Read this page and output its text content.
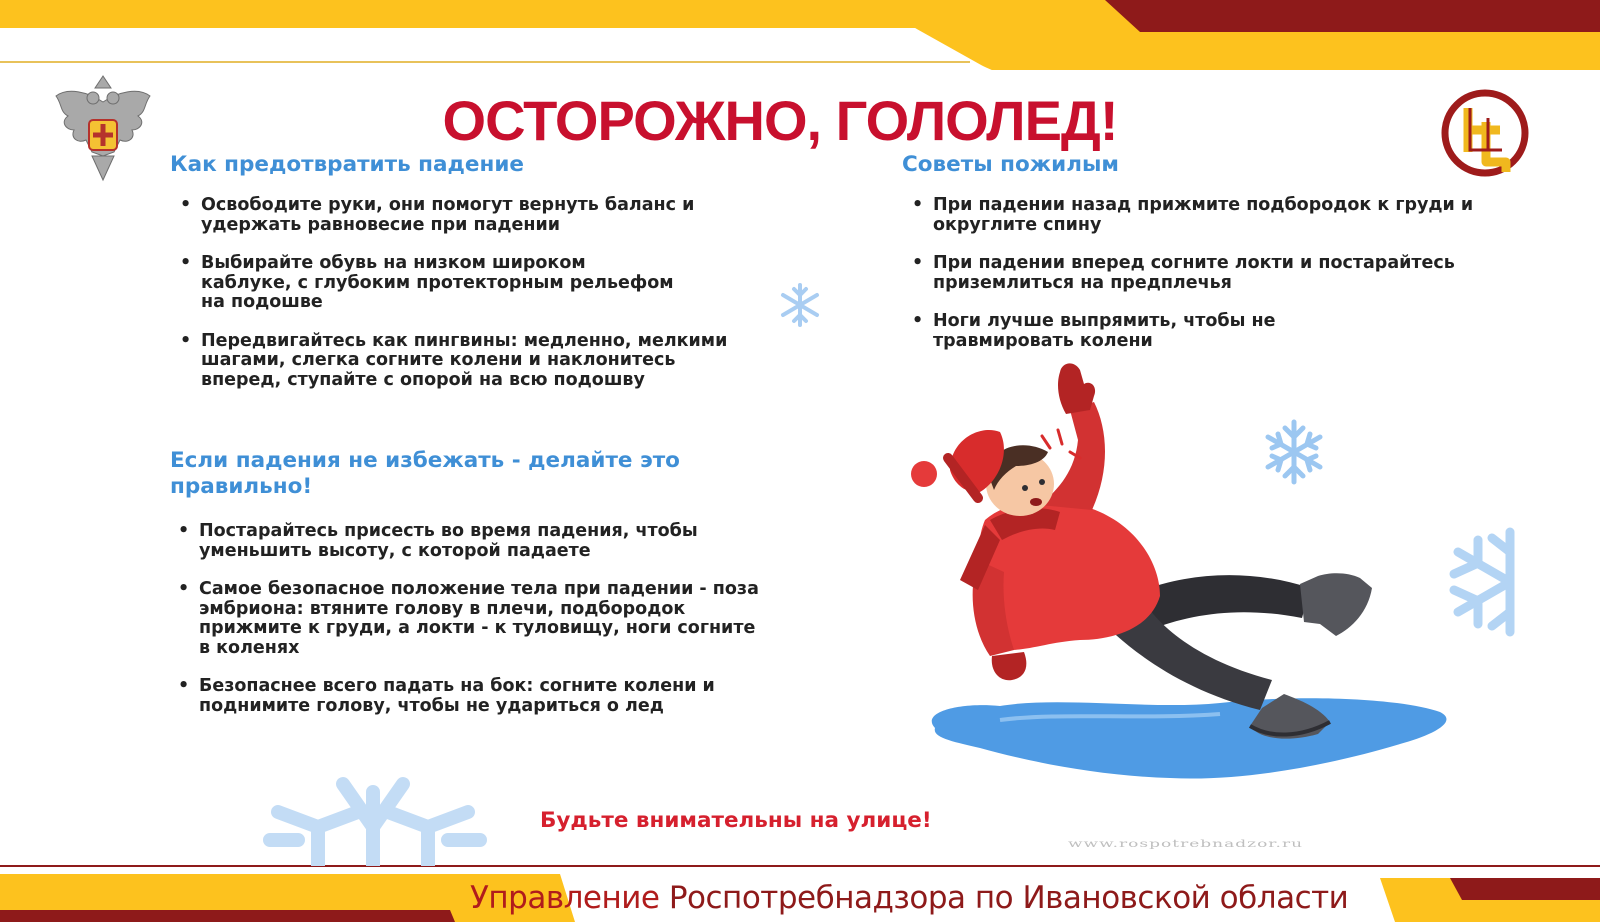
ОСТОРОЖНО, ГОЛОЛЕД!
Как предотвратить падение
• Освободите руки, они помогут вернуть баланс и удержать равновесие при падении
• Выбирайте обувь на низком широком каблуке, с глубоким протекторным рельефом на подошве
• Передвигайтесь как пингвины: медленно, мелкими шагами, слегка согните колени и наклонитесь вперед, ступайте с опорой на всю подошву
Если падения не избежать - делайте это правильно!
• Постарайтесь присесть во время падения, чтобы уменьшить высоту, с которой падаете
• Самое безопасное положение тела при падении - поза эмбриона: втяните голову в плечи, подбородок прижмите к груди, а локти - к туловищу, ноги согните в коленях
• Безопаснее всего падать на бок: согните колени и поднимите голову, чтобы не удариться о лед
Советы пожилым
• При падении назад прижмите подбородок к груди и округлите спину
• При падении вперед согните локти и постарайтесь приземлиться на предплечья
• Ноги лучше выпрямить, чтобы не травмировать колени
Будьте внимательны на улице!
www.rospotrebnadzor.ru
Управление Роспотребнадзора по Ивановской области
